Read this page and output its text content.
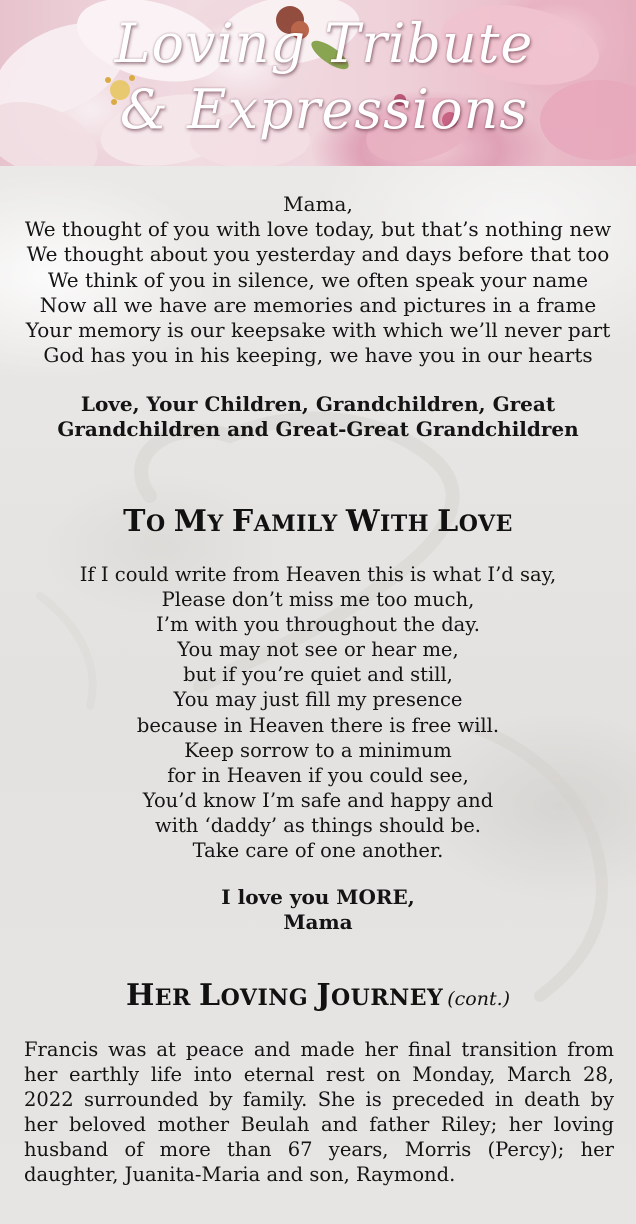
Loving Tribute
& Expressions
Mama,
We thought of you with love today, but that’s nothing new
We thought about you yesterday and days before that too
We think of you in silence, we often speak your name
Now all we have are memories and pictures in a frame
Your memory is our keepsake with which we’ll never part
God has you in his keeping, we have you in our hearts
Love, Your Children, Grandchildren, Great
Grandchildren and Great-Great Grandchildren
TO MY FAMILY WITH LOVE
If I could write from Heaven this is what I’d say,
Please don’t miss me too much,
I’m with you throughout the day.
You may not see or hear me,
but if you’re quiet and still,
You may just fill my presence
because in Heaven there is free will.
Keep sorrow to a minimum
for in Heaven if you could see,
You’d know I’m safe and happy and
with ‘daddy’ as things should be.
Take care of one another.
I love you MORE,
Mama
HER LOVING JOURNEY (cont.)
Francis was at peace and made her final transition from her earthly life into eternal rest on Monday, March 28, 2022 surrounded by family. She is preceded in death by her beloved mother Beulah and father Riley; her loving husband of more than 67 years, Morris (Percy); her daughter, Juanita-Maria and son, Raymond.
